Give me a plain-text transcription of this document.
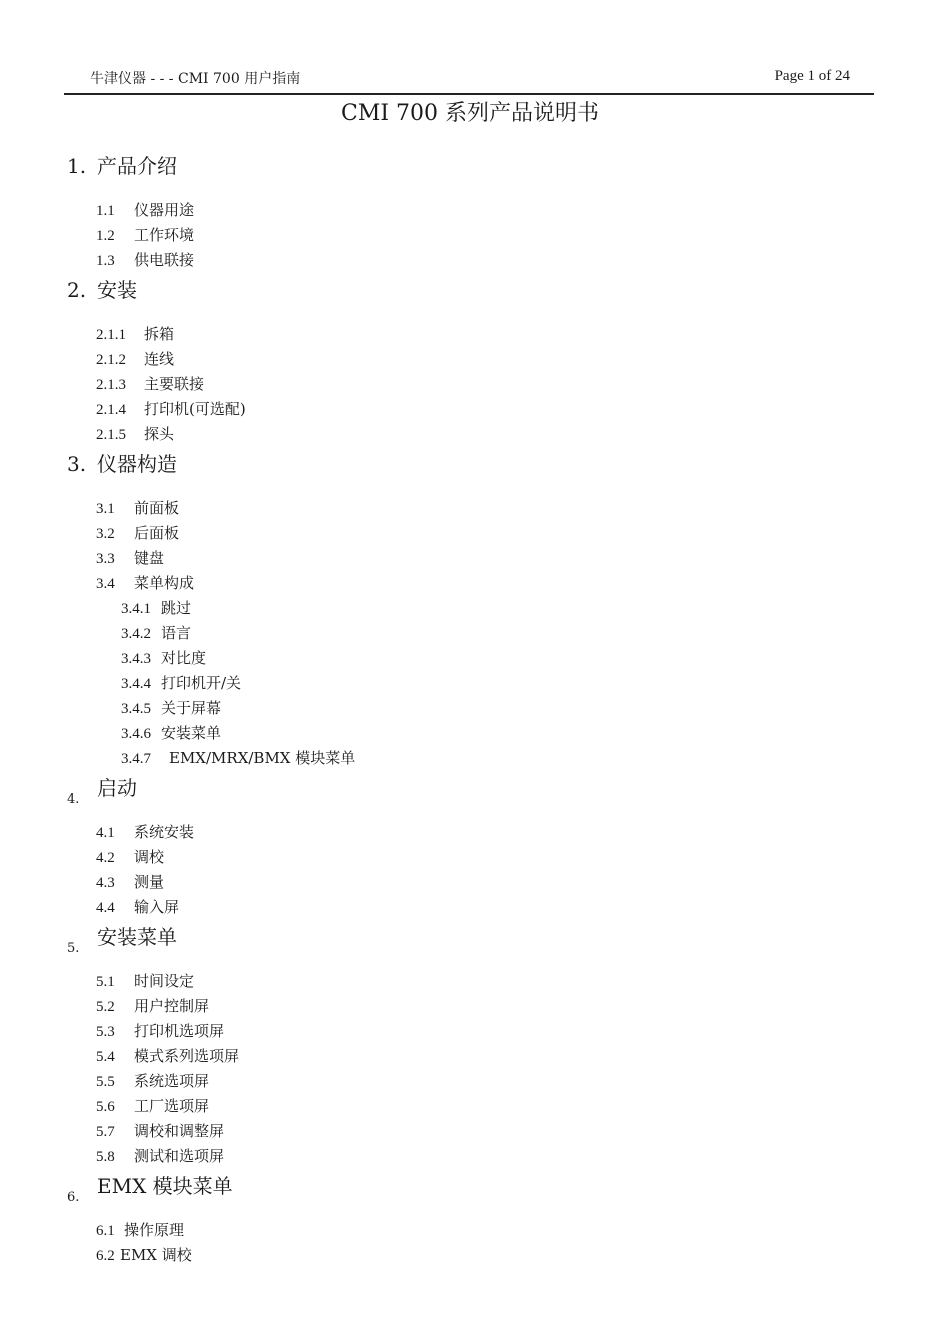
牛津仪器 - - - CMI 700 用户指南	Page 1 of 24
CMI 700 系列产品说明书
1. 产品介绍
1.1 仪器用途
1.2 工作环境
1.3 供电联接
2. 安装
2.1.1 拆箱
2.1.2 连线
2.1.3 主要联接
2.1.4 打印机(可选配)
2.1.5 探头
3. 仪器构造
3.1 前面板
3.2 后面板
3.3 键盘
3.4 菜单构成
3.4.1 跳过
3.4.2 语言
3.4.3 对比度
3.4.4 打印机开/关
3.4.5 关于屏幕
3.4.6 安装菜单
3.4.7 EMX/MRX/BMX 模块菜单
4. 启动
4.1 系统安装
4.2 调校
4.3 测量
4.4 输入屏
5. 安装菜单
5.1 时间设定
5.2 用户控制屏
5.3 打印机选项屏
5.4 模式系列选项屏
5.5 系统选项屏
5.6 工厂选项屏
5.7 调校和调整屏
5.8 测试和选项屏
6. EMX 模块菜单
6.1 操作原理
6.2 EMX 调校
